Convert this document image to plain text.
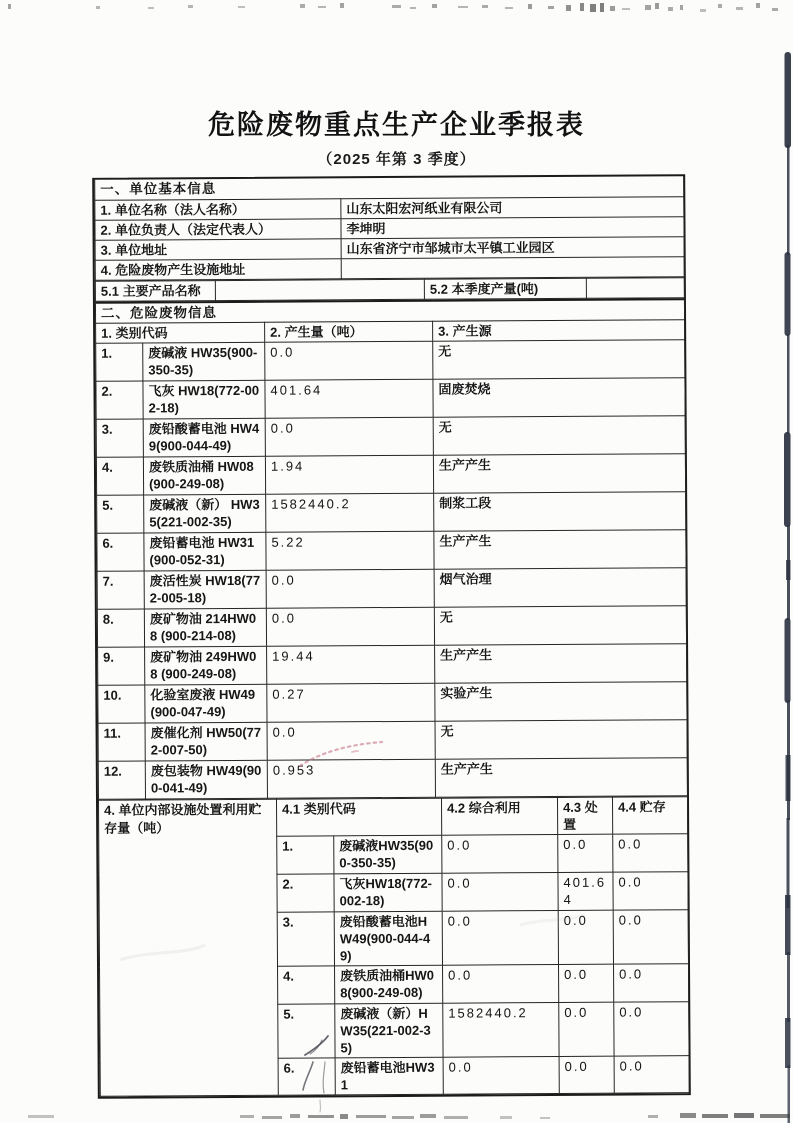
危险废物重点生产企业季报表
（2025 年第 3 季度）
一、单位基本信息	
1. 单位名称（法人名称）	山东太阳宏河纸业有限公司
2. 单位负责人（法定代表人）	李坤明
3. 单位地址	山东省济宁市邹城市太平镇工业园区
4. 危险废物产生设施地址	
5.1 主要产品名称		5.2 本季度产量(吨)	
二、危险废物信息			
1. 类别代码		2. 产生量（吨）	3. 产生源
1.	废碱液 HW35(900-350-35)	0.0	无
2.	飞灰 HW18(772-002-18)	401.64	固废焚烧
3.	废铅酸蓄电池 HW49(900-044-49)	0.0	无
4.	废铁质油桶 HW08(900-249-08)	1.94	生产产生
5.	废碱液（新） HW35(221-002-35)	1582440.2	制浆工段
6.	废铅蓄电池 HW31(900-052-31)	5.22	生产产生
7.	废活性炭 HW18(772-005-18)	0.0	烟气治理
8.	废矿物油 214HW08 (900-214-08)	0.0	无
9.	废矿物油 249HW08 (900-249-08)	19.44	生产产生
10.	化验室废液 HW49(900-047-49)	0.27	实验产生
11.	废催化剂 HW50(772-007-50)	0.0	无
12.	废包装物 HW49(900-041-49)	0.953	生产产生
4. 单位内部设施处置利用贮存量（吨）	4.1 类别代码		4.2 综合利用	4.3 处置	4.4 贮存
	1.	废碱液HW35(900-350-35)	0.0	0.0	0.0
	2.	飞灰HW18(772-002-18)	0.0	401.64	0.0
	3.	废铅酸蓄电池HW49(900-044-49)	0.0	0.0	0.0
	4.	废铁质油桶HW08(900-249-08)	0.0	0.0	0.0
	5.	废碱液（新）HW35(221-002-35)	1582440.2	0.0	0.0
	6.	废铅蓄电池HW31	0.0	0.0	0.0
